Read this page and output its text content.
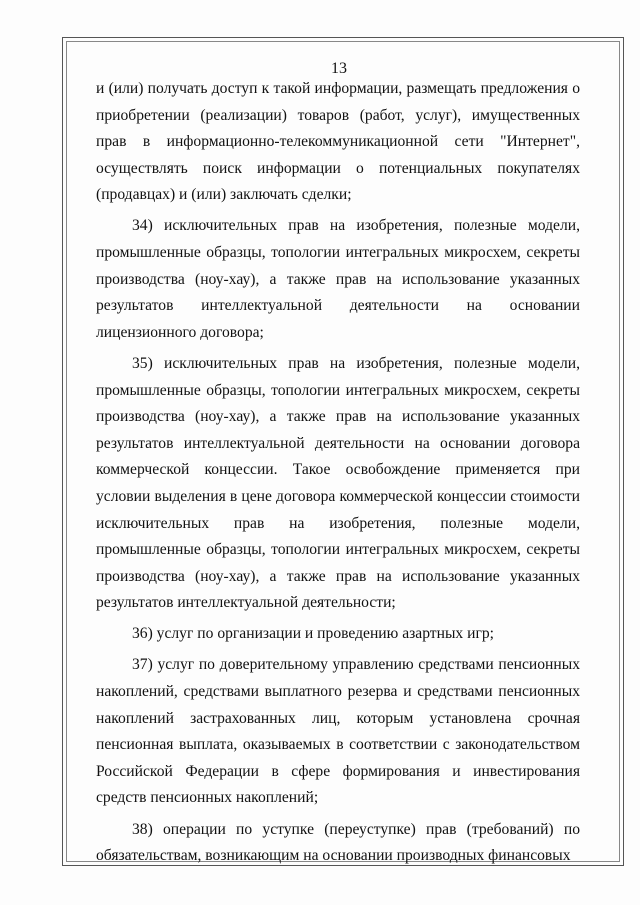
13

и (или) получать доступ к такой информации, размещать предложения о приобретении (реализации) товаров (работ, услуг), имущественных прав в информационно-телекоммуникационной сети "Интернет", осуществлять поиск информации о потенциальных покупателях (продавцах) и (или) заключать сделки;

34) исключительных прав на изобретения, полезные модели, промышленные образцы, топологии интегральных микросхем, секреты производства (ноу-хау), а также прав на использование указанных результатов интеллектуальной деятельности на основании лицензионного договора;

35) исключительных прав на изобретения, полезные модели, промышленные образцы, топологии интегральных микросхем, секреты производства (ноу-хау), а также прав на использование указанных результатов интеллектуальной деятельности на основании договора коммерческой концессии. Такое освобождение применяется при условии выделения в цене договора коммерческой концессии стоимости исключительных прав на изобретения, полезные модели, промышленные образцы, топологии интегральных микросхем, секреты производства (ноу-хау), а также прав на использование указанных результатов интеллектуальной деятельности;

36) услуг по организации и проведению азартных игр;

37) услуг по доверительному управлению средствами пенсионных накоплений, средствами выплатного резерва и средствами пенсионных накоплений застрахованных лиц, которым установлена срочная пенсионная выплата, оказываемых в соответствии с законодательством Российской Федерации в сфере формирования и инвестирования средств пенсионных накоплений;

38) операции по уступке (переуступке) прав (требований) по обязательствам, возникающим на основании производных финансовых
